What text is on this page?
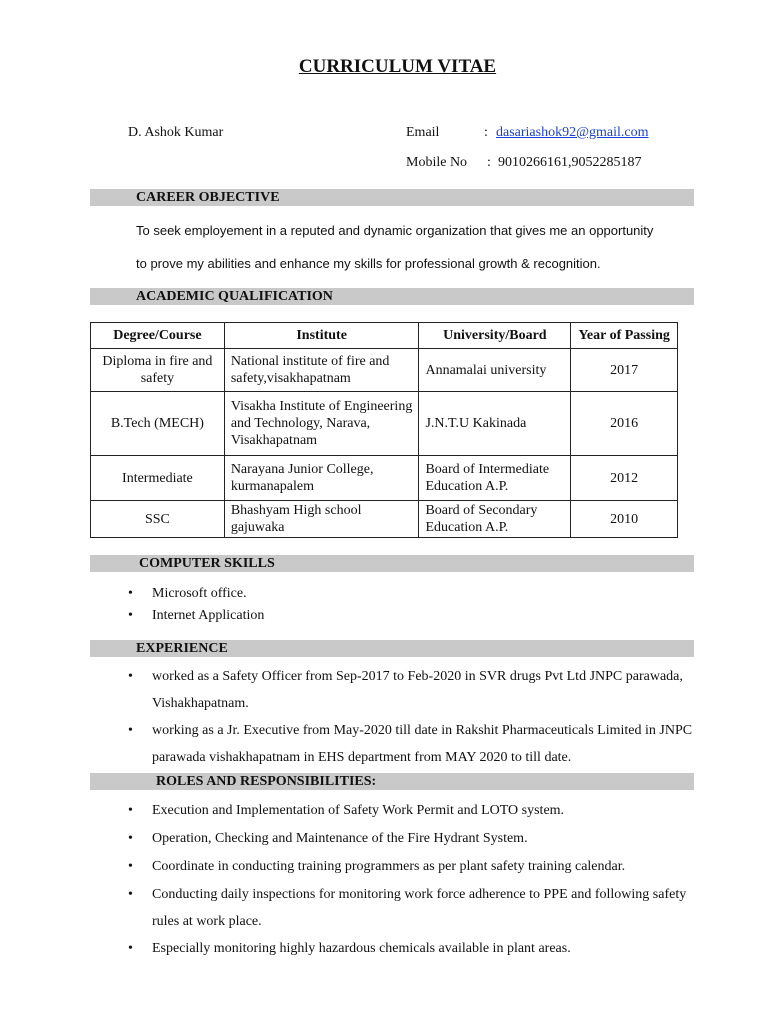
CURRICULUM VITAE
D. Ashok Kumar	Email	: dasariashok92@gmail.com
Mobile No : 9010266161,9052285187
CAREER OBJECTIVE
To seek employement in a reputed and dynamic organization that gives me an opportunity
to prove my abilities and enhance my skills for professional growth & recognition.
ACADEMIC QUALIFICATION
Degree/Course	Institute	University/Board	Year of Passing
Diploma in fire and safety	National institute of fire and safety,visakhapatnam	Annamalai university	2017
B.Tech (MECH)	Visakha Institute of Engineering and Technology, Narava, Visakhapatnam	J.N.T.U Kakinada	2016
Intermediate	Narayana Junior College, kurmanapalem	Board of Intermediate Education A.P.	2012
SSC	Bhashyam High school gajuwaka	Board of Secondary Education A.P.	2010
COMPUTER SKILLS
• Microsoft office.
• Internet Application
EXPERIENCE
• worked as a Safety Officer from Sep-2017 to Feb-2020 in SVR drugs Pvt Ltd JNPC parawada, Vishakhapatnam.
• working as a Jr. Executive from May-2020 till date in Rakshit Pharmaceuticals Limited in JNPC parawada vishakhapatnam in EHS department from MAY 2020 to till date.
ROLES AND RESPONSIBILITIES:
• Execution and Implementation of Safety Work Permit and LOTO system.
• Operation, Checking and Maintenance of the Fire Hydrant System.
• Coordinate in conducting training programmers as per plant safety training calendar.
• Conducting daily inspections for monitoring work force adherence to PPE and following safety rules at work place.
• Especially monitoring highly hazardous chemicals available in plant areas.
